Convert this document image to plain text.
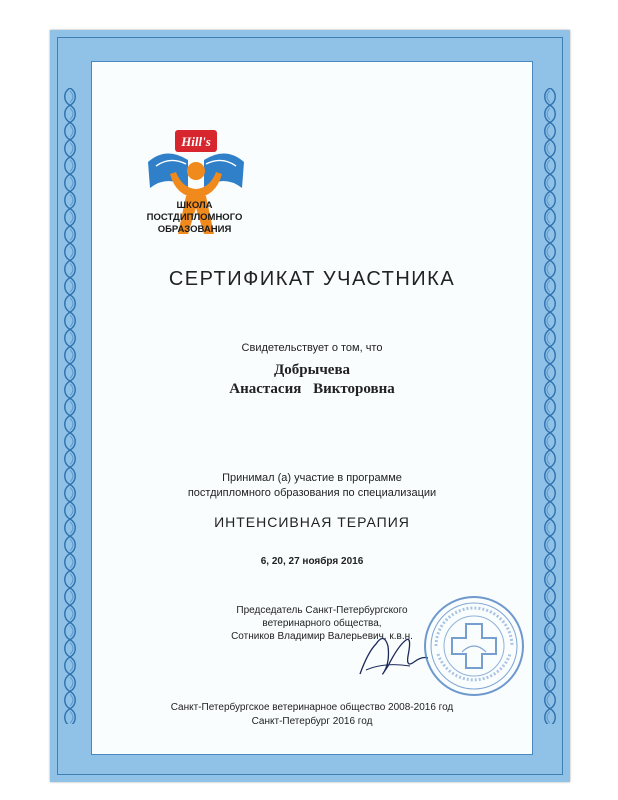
Hill's
ШКОЛА
ПОСТДИПЛОМНОГО
ОБРАЗОВАНИЯ
СЕРТИФИКАТ УЧАСТНИКА
Свидетельствует о том, что
Добрычева
Анастасия Викторовна
Принимал (а) участие в программе
постдипломного образования по специализации
ИНТЕНСИВНАЯ ТЕРАПИЯ
6, 20, 27 ноября 2016
Председатель Санкт-Петербургского
ветеринарного общества,
Сотников Владимир Валерьевич, к.в.н.
Санкт-Петербургское ветеринарное общество 2008-2016 год
Санкт-Петербург 2016 год
